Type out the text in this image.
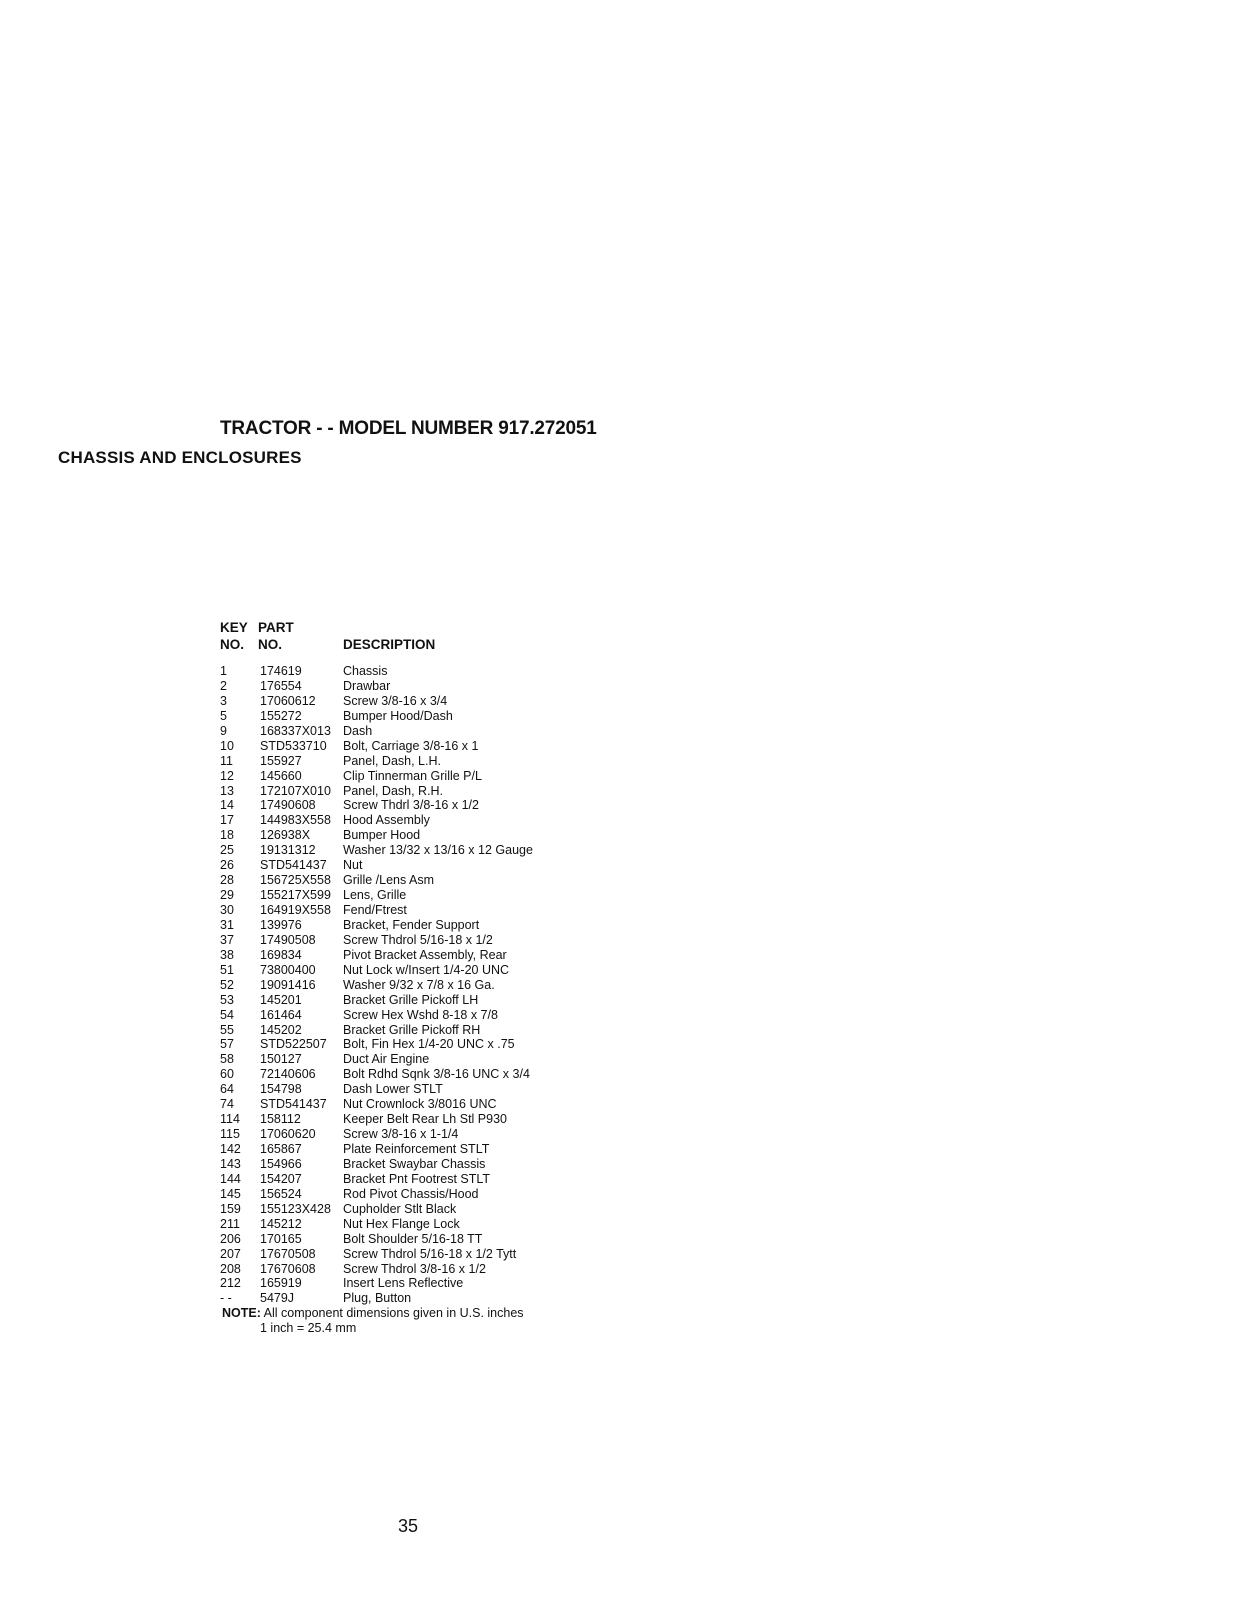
TRACTOR - - MODEL NUMBER 917.272051
CHASSIS AND ENCLOSURES
KEY
NO.
PART
NO.	DESCRIPTION
1	174619	Chassis
2	176554	Drawbar
3	17060612 Screw 3/8-16 x 3/4
5	155272	Bumper Hood/Dash
9	168337X013 Dash
10 STD533710 Bolt, Carriage 3/8-16 x 1
11 155927	Panel, Dash, L.H.
12 145660	Clip Tinnerman Grille P/L
13 172107X010 Panel, Dash, R.H.
14 17490608 Screw Thdrl 3/8-16 x 1/2
17 144983X558 Hood Assembly
18 126938X	Bumper Hood
25 19131312 Washer 13/32 x 13/16 x 12 Gauge
26 STD541437 Nut
28 156725X558 Grille /Lens Asm
29 155217X599 Lens, Grille
30 164919X558 Fend/Ftrest
31 139976	Bracket, Fender Support
37 17490508 Screw Thdrol 5/16-18 x 1/2
38 169834	Pivot Bracket Assembly, Rear
51 73800400 Nut Lock w/Insert 1/4-20 UNC
52 19091416 Washer 9/32 x 7/8 x 16 Ga.
53 145201	Bracket Grille Pickoff LH
54 161464	Screw Hex Wshd 8-18 x 7/8
55 145202	Bracket Grille Pickoff RH
57 STD522507 Bolt, Fin Hex 1/4-20 UNC x .75
58 150127	Duct Air Engine
60 72140606 Bolt Rdhd Sqnk 3/8-16 UNC x 3/4
64 154798	Dash Lower STLT
74 STD541437 Nut Crownlock 3/8016 UNC
114 158112	Keeper Belt Rear Lh Stl P930
115 17060620 Screw 3/8-16 x 1-1/4
142 165867	Plate Reinforcement STLT
143 154966	Bracket Swaybar Chassis
144 154207	Bracket Pnt Footrest STLT
145 156524	Rod Pivot Chassis/Hood
159 155123X428 Cupholder Stlt Black
211 145212	Nut Hex Flange Lock
206 170165	Bolt Shoulder 5/16-18 TT
207 17670508 Screw Thdrol 5/16-18 x 1/2 Tytt
208 17670608 Screw Thdrol 3/8-16 x 1/2
212 165919	Insert Lens Reflective
- - 5479J	Plug, Button
NOTE: All component dimensions given in U.S. inches
1 inch = 25.4 mm
35
